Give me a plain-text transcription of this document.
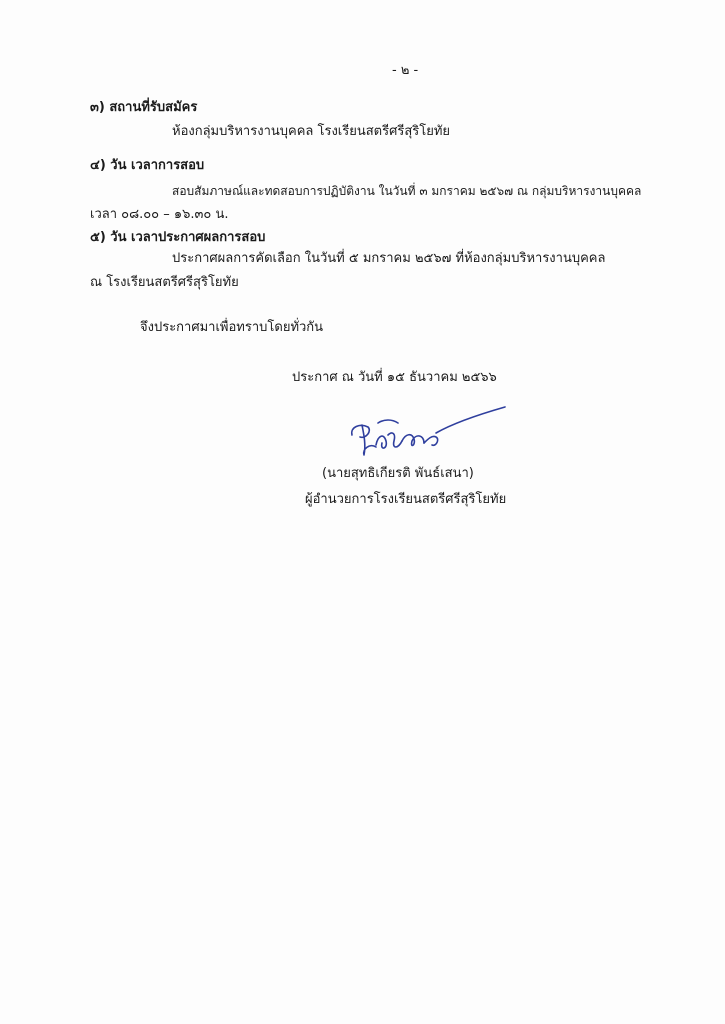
- ๒ -
๓) สถานที่รับสมัคร
ห้องกลุ่มบริหารงานบุคคล โรงเรียนสตรีศรีสุริโยทัย
๔) วัน เวลาการสอบ
สอบสัมภาษณ์และทดสอบการปฏิบัติงาน ในวันที่ ๓ มกราคม ๒๕๖๗ ณ กลุ่มบริหารงานบุคคล
เวลา ๐๘.๐๐ – ๑๖.๓๐ น.
๕) วัน เวลาประกาศผลการสอบ
ประกาศผลการคัดเลือก ในวันที่ ๕ มกราคม ๒๕๖๗ ที่ห้องกลุ่มบริหารงานบุคคล
ณ โรงเรียนสตรีศรีสุริโยทัย
จึงประกาศมาเพื่อทราบโดยทั่วกัน
ประกาศ ณ วันที่ ๑๕ ธันวาคม ๒๕๖๖
(นายสุทธิเกียรติ พันธ์เสนา)
ผู้อำนวยการโรงเรียนสตรีศรีสุริโยทัย
